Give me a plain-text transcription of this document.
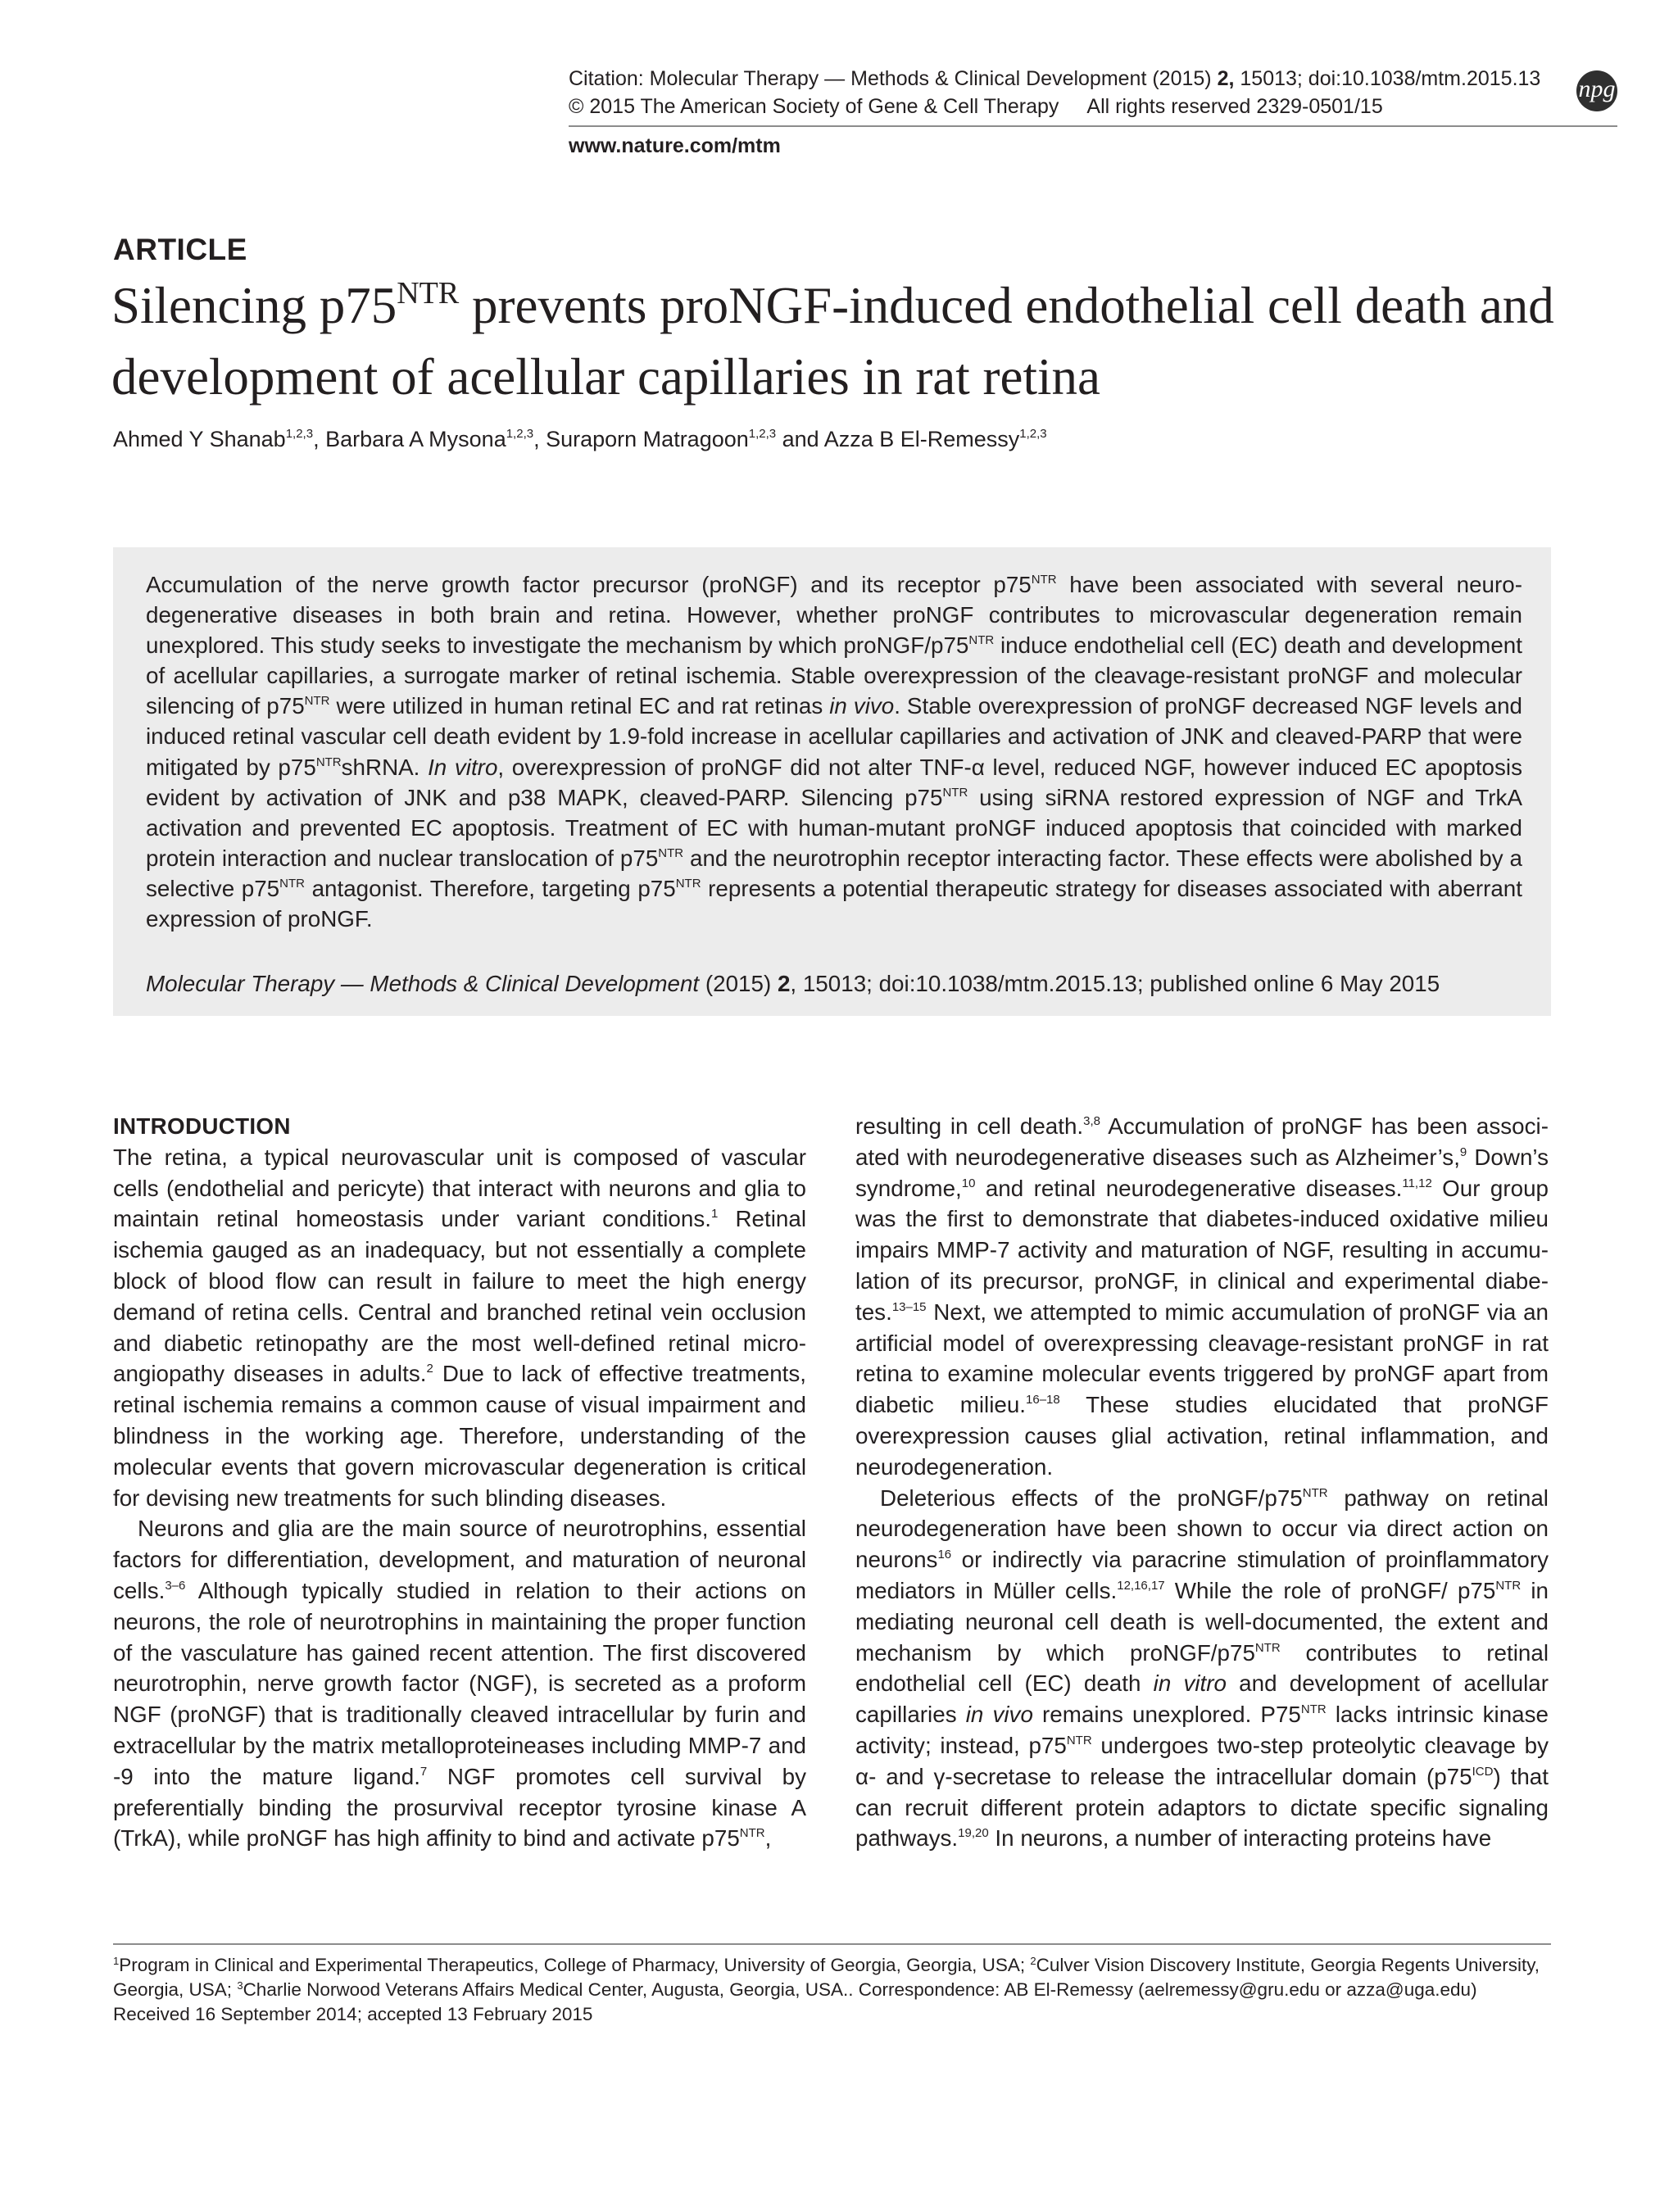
Citation: Molecular Therapy — Methods & Clinical Development (2015) 2, 15013; doi:10.1038/mtm.2015.13
© 2015 The American Society of Gene & Cell Therapy All rights reserved 2329-0501/15
npg
www.nature.com/mtm
ARTICLE
Silencing $p75^{NTR}$ prevents proNGF-induced endothelial cell death and development of acellular capillaries in rat retina
Ahmed Y Shanab$^{1,2,3}$, Barbara A Mysona$^{1,2,3}$, Suraporn Matragoon$^{1,2,3}$ and Azza B El-Remessy$^{1,2,3}$
Accumulation of the nerve growth factor precursor (proNGF) and its receptor $p75^{NTR}$ have been associated with several neurodegenerative diseases in both brain and retina. However, whether proNGF contributes to microvascular degeneration remain unexplored. This study seeks to investigate the mechanism by which proNGF/$p75^{NTR}$ induce endothelial cell (EC) death and development of acellular capillaries, a surrogate marker of retinal ischemia. Stable overexpression of the cleavage-resistant proNGF and molecular silencing of $p75^{NTR}$ were utilized in human retinal EC and rat retinas in vivo. Stable overexpression of proNGF decreased NGF levels and induced retinal vascular cell death evident by 1.9-fold increase in acellular capillaries and activation of JNK and cleaved-PARP that were mitigated by $p75^{NTR}shRNA$. In vitro, overexpression of proNGF did not alter TNF-α level, reduced NGF, however induced EC apoptosis evident by activation of JNK and p38 MAPK, cleaved-PARP. Silencing $p75^{NTR}$ using siRNA restored expression of NGF and TrkA activation and prevented EC apoptosis. Treatment of EC with human-mutant proNGF induced apoptosis that coincided with marked protein interaction and nuclear translocation of $p75^{NTR}$ and the neurotrophin receptor interacting factor. These effects were abolished by a selective $p75^{NTR}$ antagonist. Therefore, targeting $p75^{NTR}$ represents a potential therapeutic strategy for diseases associated with aberrant expression of proNGF.
Molecular Therapy — Methods & Clinical Development (2015) 2, 15013; doi:10.1038/mtm.2015.13; published online 6 May 2015
INTRODUCTION

The retina, a typical neurovascular unit is composed of vascular cells (endothelial and pericyte) that interact with neurons and glia to maintain retinal homeostasis under variant conditions.$^1$ Retinal ischemia gauged as an inadequacy, but not essentially a complete block of blood flow can result in failure to meet the high energy demand of retina cells. Central and branched retinal vein occlusion and diabetic retinopathy are the most well-defined retinal microangiopathy diseases in adults.$^2$ Due to lack of effective treatments, retinal ischemia remains a common cause of visual impairment and blindness in the working age. Therefore, understanding of the molecular events that govern microvascular degeneration is critical for devising new treatments for such blinding diseases.

Neurons and glia are the main source of neurotrophins, essential factors for differentiation, development, and maturation of neuronal cells.$^{3-6}$ Although typically studied in relation to their actions on neurons, the role of neurotrophins in maintaining the proper function of the vasculature has gained recent attention. The first discovered neurotrophin, nerve growth factor (NGF), is secreted as a proform NGF (proNGF) that is traditionally cleaved intracellular by furin and extracellular by the matrix metalloproteineases including MMP-7 and -9 into the mature ligand.$^7$ NGF promotes cell survival by preferentially binding the prosurvival receptor tyrosine kinase A (TrkA), while proNGF has high affinity to bind and activate $p75^{NTR}$,

resulting in cell death.$^{3,8}$ Accumulation of proNGF has been associated with neurodegenerative diseases such as Alzheimer’s,$^9$ Down’s syndrome,$^{10}$ and retinal neurodegenerative diseases.$^{11,12}$ Our group was the first to demonstrate that diabetes-induced oxidative milieu impairs MMP-7 activity and maturation of NGF, resulting in accumulation of its precursor, proNGF, in clinical and experimental diabetes.$^{13-15}$ Next, we attempted to mimic accumulation of proNGF via an artificial model of overexpressing cleavage-resistant proNGF in rat retina to examine molecular events triggered by proNGF apart from diabetic milieu.$^{16-18}$ These studies elucidated that proNGF overexpression causes glial activation, retinal inflammation, and neurodegeneration.

Deleterious effects of the proNGF/$p75^{NTR}$ pathway on retinal neurodegeneration have been shown to occur via direct action on neurons$^{16}$ or indirectly via paracrine stimulation of proinflammatory mediators in Müller cells.$^{12,16,17}$ While the role of proNGF/ $p75^{NTR}$ in mediating neuronal cell death is well-documented, the extent and mechanism by which proNGF/$p75^{NTR}$ contributes to retinal endothelial cell (EC) death in vitro and development of acellular capillaries in vivo remains unexplored. $P75^{NTR}$ lacks intrinsic kinase activity; instead, $p75^{NTR}$ undergoes two-step proteolytic cleavage by α- and γ-secretase to release the intracellular domain $(p75^{ICD})$ that can recruit different protein adaptors to dictate specific signaling pathways.$^{19,20}$ In neurons, a number of interacting proteins have

$^1$Program in Clinical and Experimental Therapeutics, College of Pharmacy, University of Georgia, Georgia, USA; $^2$Culver Vision Discovery Institute, Georgia Regents University, Georgia, USA; $^3$Charlie Norwood Veterans Affairs Medical Center, Augusta, Georgia, USA.. Correspondence: AB El-Remessy (aelremessy@gru.edu or azza@uga.edu)
Received 16 September 2014; accepted 13 February 2015
